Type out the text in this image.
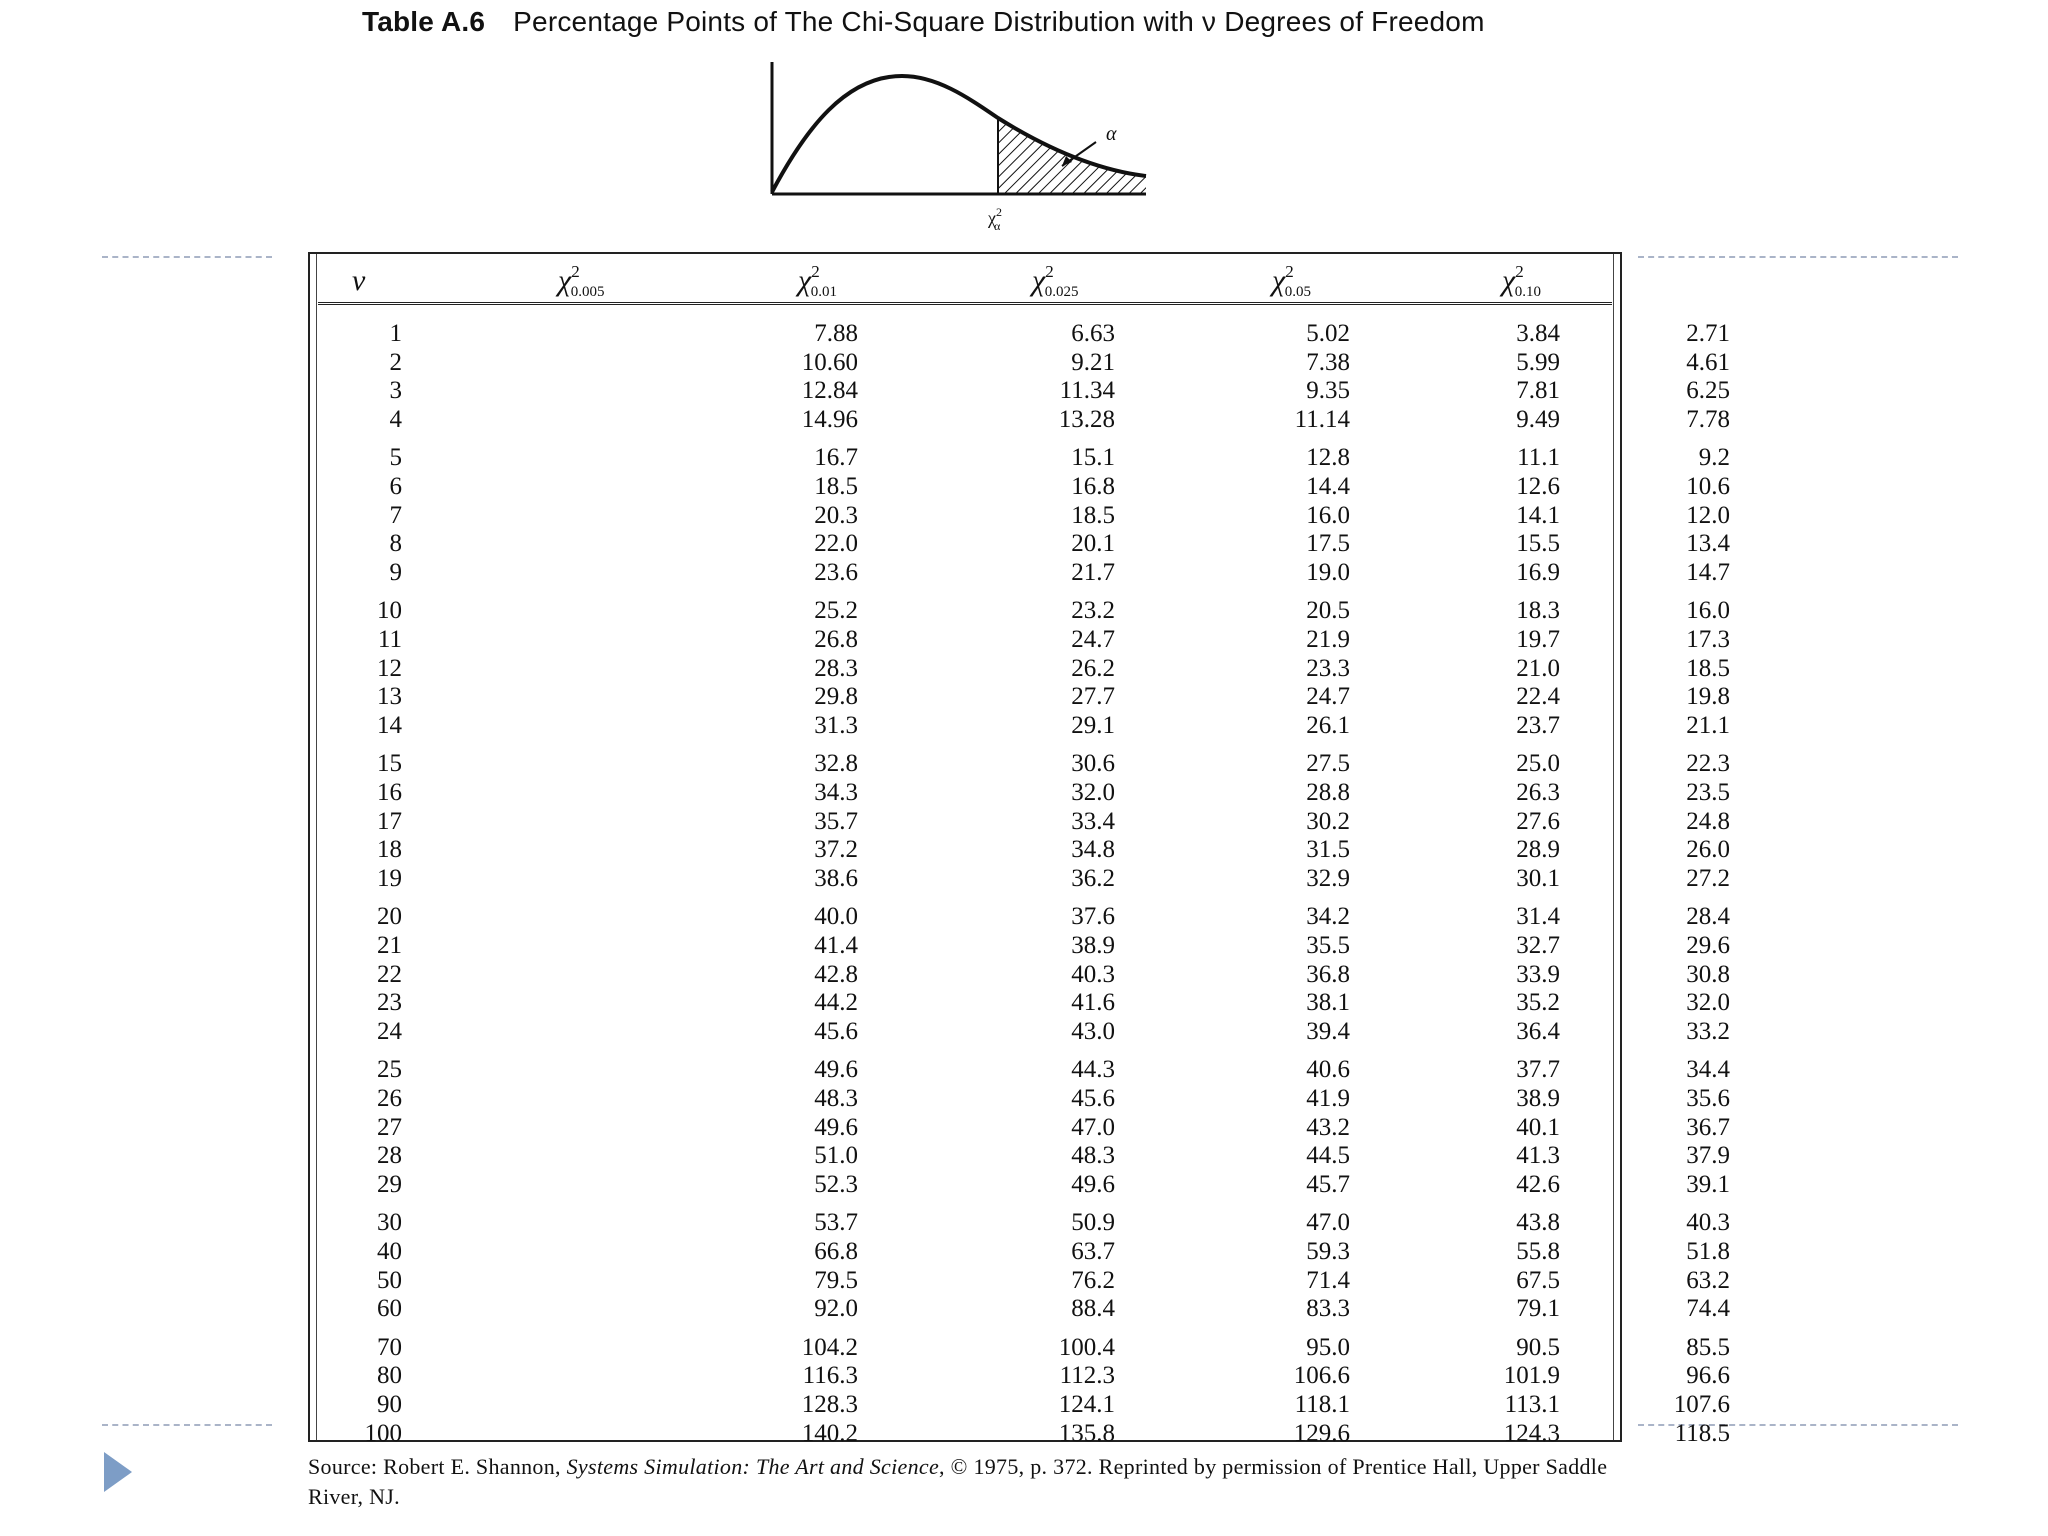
Table A.6 Percentage Points of The Chi-Square Distribution with ν Degrees of Freedom
α
$\chi^2$ α
ν	$\chi^2_{0.005}$	$\chi^2_{0.01}$	$\chi^2_{0.025}$	$\chi^2_{0.05}$	$\chi^2_{0.10}$
1	7.88	6.63	5.02	3.84	2.71
2	10.60	9.21	7.38	5.99	4.61
3	12.84	11.34	9.35	7.81	6.25
4	14.96	13.28	11.14	9.49	7.78
5	16.7	15.1	12.8	11.1	9.2
6	18.5	16.8	14.4	12.6	10.6
7	20.3	18.5	16.0	14.1	12.0
8	22.0	20.1	17.5	15.5	13.4
9	23.6	21.7	19.0	16.9	14.7
10	25.2	23.2	20.5	18.3	16.0
11	26.8	24.7	21.9	19.7	17.3
12	28.3	26.2	23.3	21.0	18.5
13	29.8	27.7	24.7	22.4	19.8
14	31.3	29.1	26.1	23.7	21.1
15	32.8	30.6	27.5	25.0	22.3
16	34.3	32.0	28.8	26.3	23.5
17	35.7	33.4	30.2	27.6	24.8
18	37.2	34.8	31.5	28.9	26.0
19	38.6	36.2	32.9	30.1	27.2
20	40.0	37.6	34.2	31.4	28.4
21	41.4	38.9	35.5	32.7	29.6
22	42.8	40.3	36.8	33.9	30.8
23	44.2	41.6	38.1	35.2	32.0
24	45.6	43.0	39.4	36.4	33.2
25	49.6	44.3	40.6	37.7	34.4
26	48.3	45.6	41.9	38.9	35.6
27	49.6	47.0	43.2	40.1	36.7
28	51.0	48.3	44.5	41.3	37.9
29	52.3	49.6	45.7	42.6	39.1
30	53.7	50.9	47.0	43.8	40.3
40	66.8	63.7	59.3	55.8	51.8
50	79.5	76.2	71.4	67.5	63.2
60	92.0	88.4	83.3	79.1	74.4
70	104.2	100.4	95.0	90.5	85.5
80	116.3	112.3	106.6	101.9	96.6
90	128.3	124.1	118.1	113.1	107.6
100	140.2	135.8	129.6	124.3	118.5
Source: Robert E. Shannon, Systems Simulation: The Art and Science, © 1975, p. 372. Reprinted by permission of Prentice Hall, Upper Saddle River, NJ.
